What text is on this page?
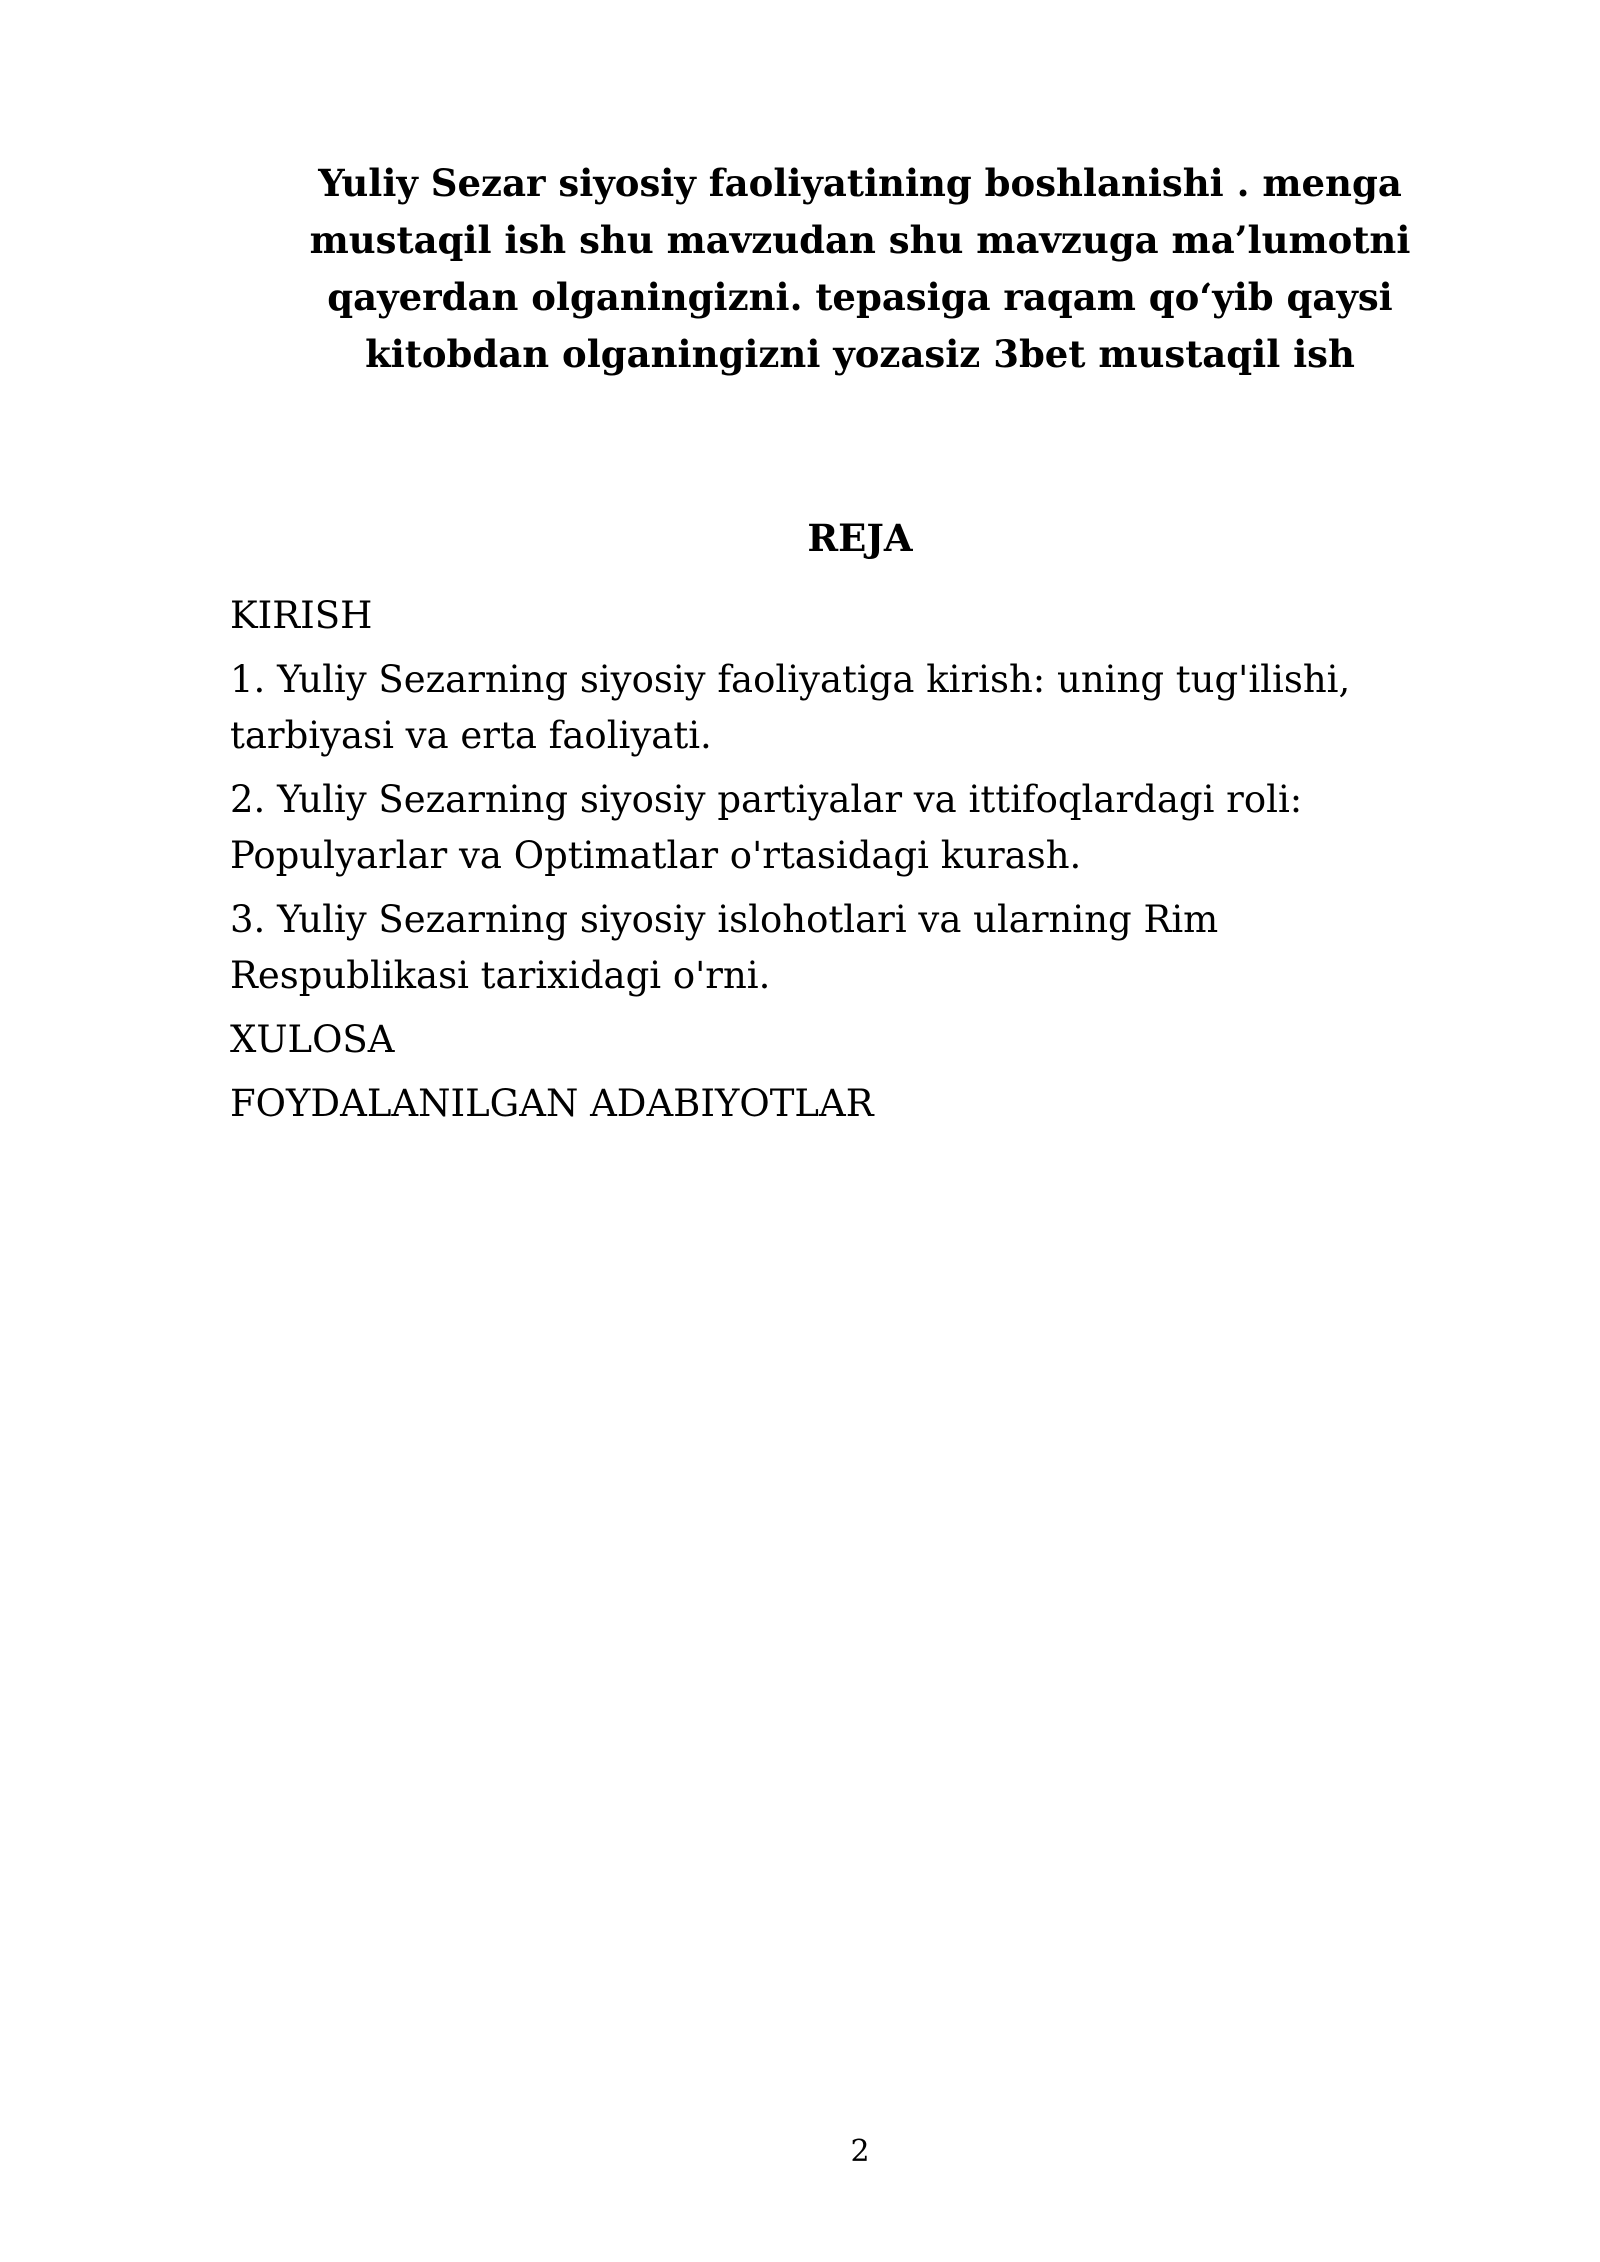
Yuliy Sezar siyosiy faoliyatining boshlanishi . menga mustaqil ish shu mavzudan shu mavzuga ma’lumotni qayerdan olganingizni. tepasiga raqam qo‘yib qaysi kitobdan olganingizni yozasiz 3bet mustaqil ish
REJA
KIRISH
1. Yuliy Sezarning siyosiy faoliyatiga kirish: uning tug'ilishi, tarbiyasi va erta faoliyati.
2. Yuliy Sezarning siyosiy partiyalar va ittifoqlardagi roli: Populyarlar va Optimatlar o'rtasidagi kurash.
3. Yuliy Sezarning siyosiy islohotlari va ularning Rim Respublikasi tarixidagi o'rni.
XULOSA
FOYDALANILGAN ADABIYOTLAR
2
